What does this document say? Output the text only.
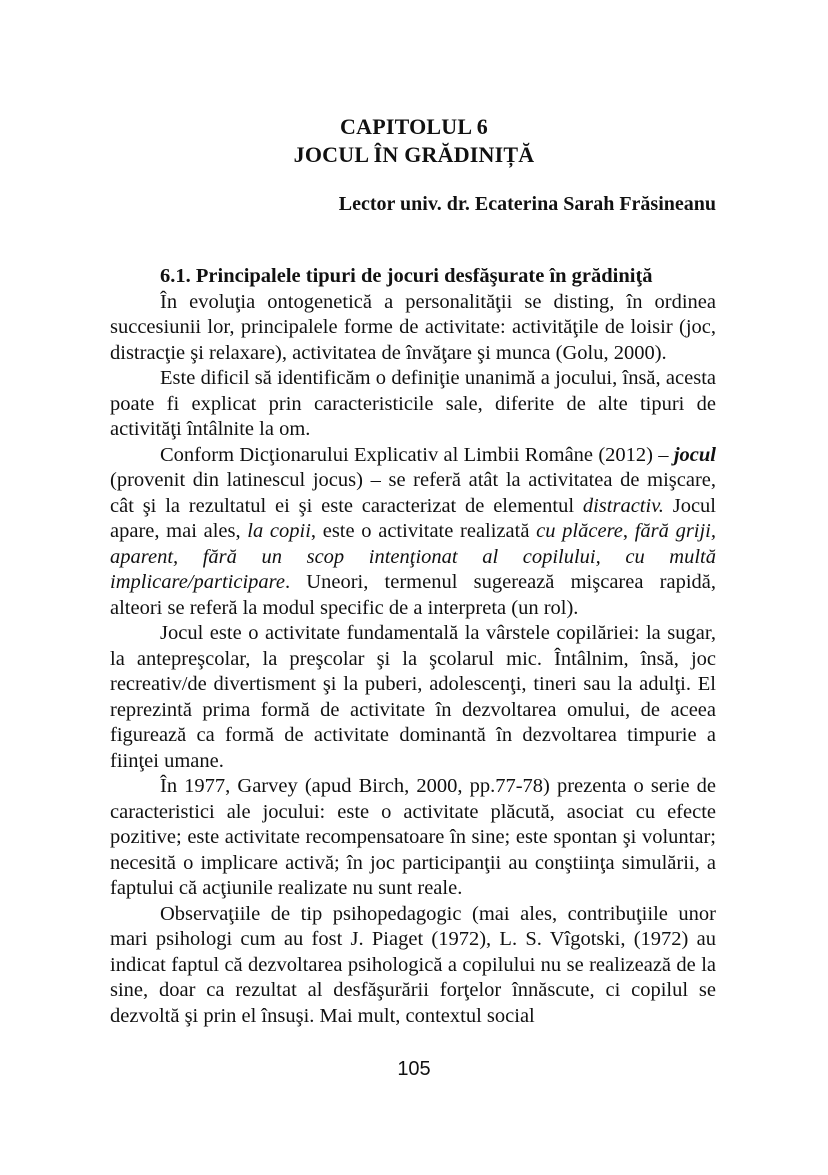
CAPITOLUL 6
JOCUL ÎN GRĂDINIȚĂ
Lector univ. dr. Ecaterina Sarah Frăsineanu
6.1. Principalele tipuri de jocuri desfăşurate în grădiniţă

În evoluţia ontogenetică a personalităţii se disting, în ordinea succesiunii lor, principalele forme de activitate: activităţile de loisir (joc, distracţie şi relaxare), activitatea de învăţare şi munca (Golu, 2000).

Este dificil să identificăm o definiţie unanimă a jocului, însă, acesta poate fi explicat prin caracteristicile sale, diferite de alte tipuri de activităţi întâlnite la om.

Conform Dicţionarului Explicativ al Limbii Române (2012) – jocul (provenit din latinescul jocus) – se referă atât la activitatea de mişcare, cât şi la rezultatul ei şi este caracterizat de elementul distractiv. Jocul apare, mai ales, la copii, este o activitate realizată cu plăcere, fără griji, aparent, fără un scop intenţionat al copilului, cu multă implicare/participare. Uneori, termenul sugerează mişcarea rapidă, alteori se referă la modul specific de a interpreta (un rol).

Jocul este o activitate fundamentală la vârstele copilăriei: la sugar, la antepreşcolar, la preşcolar şi la şcolarul mic. Întâlnim, însă, joc recreativ/de divertisment şi la puberi, adolescenţi, tineri sau la adulţi. El reprezintă prima formă de activitate în dezvoltarea omului, de aceea figurează ca formă de activitate dominantă în dezvoltarea timpurie a fiinţei umane.

În 1977, Garvey (apud Birch, 2000, pp.77-78) prezenta o serie de caracteristici ale jocului: este o activitate plăcută, asociat cu efecte pozitive; este activitate recompensatoare în sine; este spontan şi voluntar; necesită o implicare activă; în joc participanţii au conştiinţa simulării, a faptului că acţiunile realizate nu sunt reale.

Observaţiile de tip psihopedagogic (mai ales, contribuţiile unor mari psihologi cum au fost J. Piaget (1972), L. S. Vîgotski, (1972) au indicat faptul că dezvoltarea psihologică a copilului nu se realizează de la sine, doar ca rezultat al desfăşurării forţelor înnăscute, ci copilul se dezvoltă şi prin el însuşi. Mai mult, contextul social

105
